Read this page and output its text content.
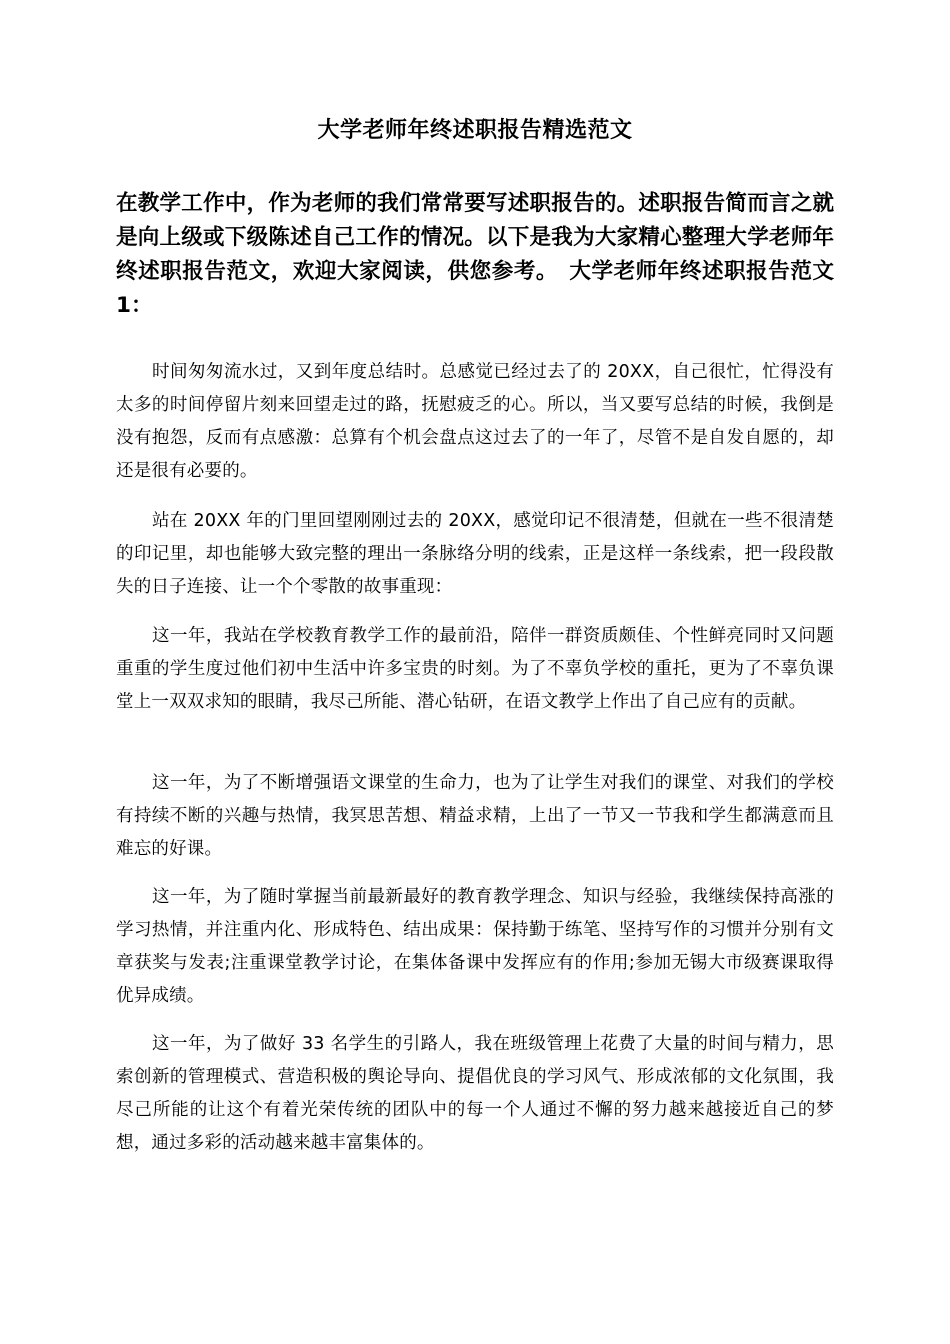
大学老师年终述职报告精选范文

在教学工作中，作为老师的我们常常要写述职报告的。述职报告简而言之就是向上级或下级陈述自己工作的情况。以下是我为大家精心整理大学老师年终述职报告范文，欢迎大家阅读，供您参考。　大学老师年终述职报告范文 1：

时间匆匆流水过，又到年度总结时。总感觉已经过去了的 20XX，自己很忙，忙得没有太多的时间停留片刻来回望走过的路，抚慰疲乏的心。所以，当又要写总结的时候，我倒是没有抱怨，反而有点感激：总算有个机会盘点这过去了的一年了，尽管不是自发自愿的，却还是很有必要的。

站在 20XX 年的门里回望刚刚过去的 20XX，感觉印记不很清楚，但就在一些不很清楚的印记里，却也能够大致完整的理出一条脉络分明的线索，正是这样一条线索，把一段段散失的日子连接、让一个个零散的故事重现：

这一年，我站在学校教育教学工作的最前沿，陪伴一群资质颇佳、个性鲜亮同时又问题重重的学生度过他们初中生活中许多宝贵的时刻。为了不辜负学校的重托，更为了不辜负课堂上一双双求知的眼睛，我尽己所能、潜心钻研，在语文教学上作出了自己应有的贡献。

这一年，为了不断增强语文课堂的生命力，也为了让学生对我们的课堂、对我们的学校有持续不断的兴趣与热情，我冥思苦想、精益求精，上出了一节又一节我和学生都满意而且难忘的好课。

这一年，为了随时掌握当前最新最好的教育教学理念、知识与经验，我继续保持高涨的学习热情，并注重内化、形成特色、结出成果：保持勤于练笔、坚持写作的习惯并分别有文章获奖与发表;注重课堂教学讨论，在集体备课中发挥应有的作用;参加无锡大市级赛课取得优异成绩。

这一年，为了做好 33 名学生的引路人，我在班级管理上花费了大量的时间与精力，思索创新的管理模式、营造积极的舆论导向、提倡优良的学习风气、形成浓郁的文化氛围，我尽己所能的让这个有着光荣传统的团队中的每一个人通过不懈的努力越来越接近自己的梦想，通过多彩的活动越来越丰富集体的。
